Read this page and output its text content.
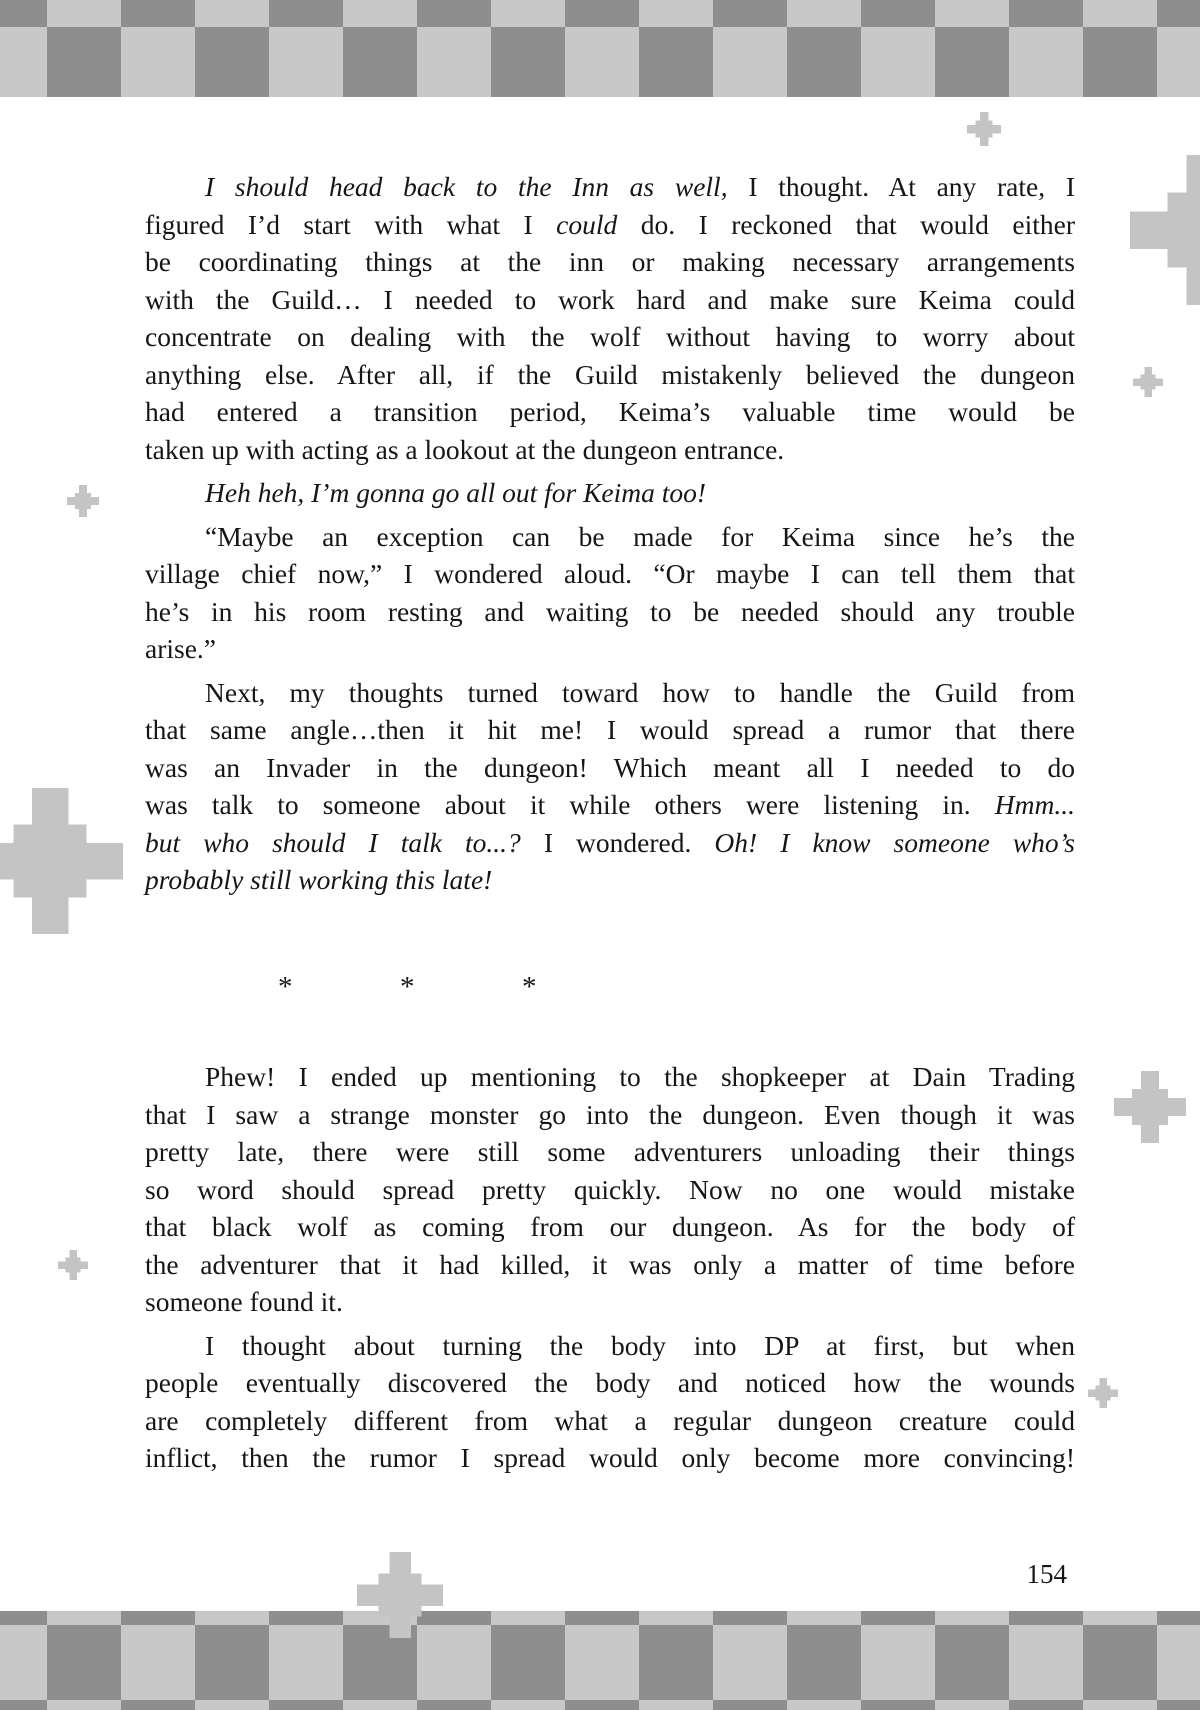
I should head back to the Inn as well, I thought. At any rate, I
figured I’d start with what I could do. I reckoned that would either
be coordinating things at the inn or making necessary arrangements
with the Guild… I needed to work hard and make sure Keima could
concentrate on dealing with the wolf without having to worry about
anything else. After all, if the Guild mistakenly believed the dungeon
had entered a transition period, Keima’s valuable time would be
taken up with acting as a lookout at the dungeon entrance.
Heh heh, I’m gonna go all out for Keima too!
“Maybe an exception can be made for Keima since he’s the
village chief now,” I wondered aloud. “Or maybe I can tell them that
he’s in his room resting and waiting to be needed should any trouble
arise.”
Next, my thoughts turned toward how to handle the Guild from
that same angle…then it hit me! I would spread a rumor that there
was an Invader in the dungeon! Which meant all I needed to do
was talk to someone about it while others were listening in. Hmm...
but who should I talk to...? I wondered. Oh! I know someone who’s
probably still working this late!
*	*	*
Phew! I ended up mentioning to the shopkeeper at Dain Trading
that I saw a strange monster go into the dungeon. Even though it was
pretty late, there were still some adventurers unloading their things
so word should spread pretty quickly. Now no one would mistake
that black wolf as coming from our dungeon. As for the body of
the adventurer that it had killed, it was only a matter of time before
someone found it.
I thought about turning the body into DP at first, but when
people eventually discovered the body and noticed how the wounds
are completely different from what a regular dungeon creature could
inflict, then the rumor I spread would only become more convincing!
154
